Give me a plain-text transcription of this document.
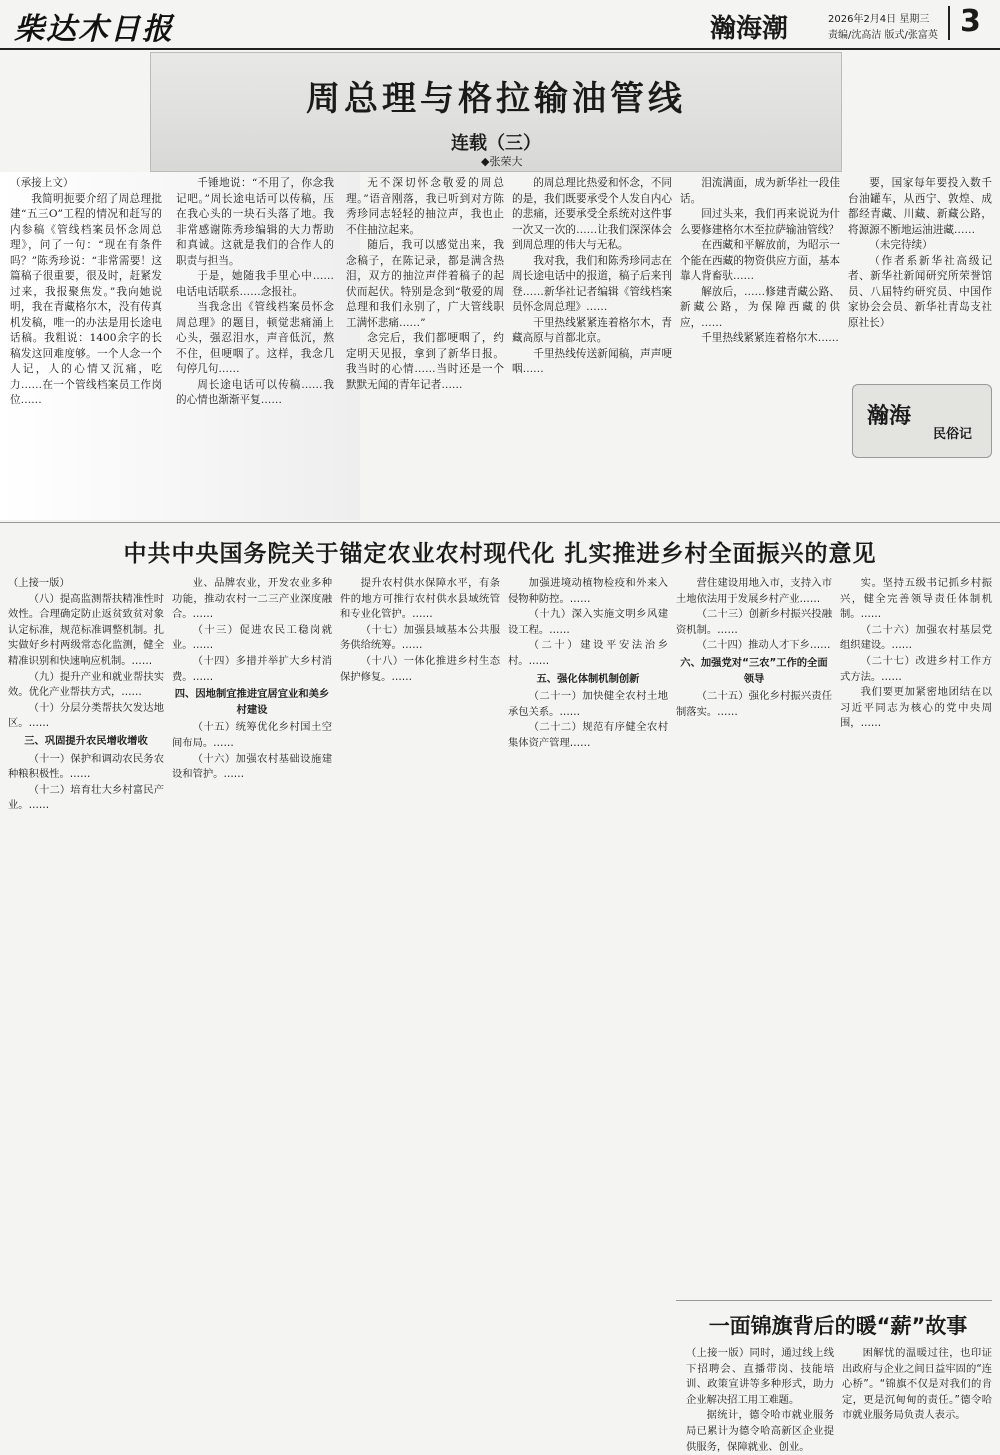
柴达木日报	瀚海潮	2026年2月4日 星期三
责编/沈高洁 版式/张富英 3
周总理与格拉输油管线
连载（三）
◆张荣大

（承接上文）

我简明扼要介绍了周总理批建“五三O”工程的情况和赶写的内参稿《管线档案员怀念周总理》，问了一句：“现在有条件吗？”陈秀珍说：“非常需要！这篇稿子很重要，很及时，赶紧发过来，我报聚焦发。”我向她说明，我在青藏格尔木，没有传真机发稿，唯一的办法是用长途电话稿。我粗说：1400余字的长稿发这回难度够。一个人念一个人记，人的心情又沉痛，吃力……在一个管线档案员工作岗位……

千锤地说：“不用了，你念我记吧。”周长途电话可以传稿，压在我心头的一块石头落了地。我非常感谢陈秀珍编辑的大力帮助和真诚。这就是我们的合作人的职责与担当。

于是，她随我手里心中……电话电话联系……念报社。

当我念出《管线档案员怀念周总理》的题目，顿觉悲痛涌上心头，强忍泪水，声音低沉，熬不住，但哽咽了。这样，我念几句停几句……

周长途电话可以传稿……我的心情也渐渐平复……

无不深切怀念敬爱的周总理。”语音刚落，我已听到对方陈秀珍同志轻轻的抽泣声，我也止不住抽泣起来。

随后，我可以感觉出来，我念稿子，在陈记录，都是满含热泪，双方的抽泣声伴着稿子的起伏而起伏。特别是念到“敬爱的周总理和我们永别了，广大管线职工满怀悲痛……”

念完后，我们都哽咽了，约定明天见报，拿到了新华日报。我当时的心情……当时还是一个默默无闻的青年记者……

的周总理比热爱和怀念，不同的是，我们既要承受个人发自内心的悲痛，还要承受全系统对这件事一次又一次的……让我们深深体会到周总理的伟大与无私。

我对我，我们和陈秀珍同志在周长途电话中的报道，稿子后来刊登……新华社记者编辑《管线档案员怀念周总理》……

干里热线紧紧连着格尔木，青藏高原与首都北京。

千里热线传送新闻稿，声声哽咽……

泪流满面，成为新华社一段佳话。

回过头来，我们再来说说为什么要修建格尔木至拉萨输油管线？

在西藏和平解放前，为昭示一个能在西藏的物资供应方面，基本靠人背畜驮……

解放后，……修建青藏公路、新藏公路，为保障西藏的供应，……

千里热线紧紧连着格尔木……

要，国家每年要投入数千台油罐车，从西宁、敦煌、成都经青藏、川藏、新藏公路，将源源不断地运油进藏……

（未完待续）

（作者系新华社高级记者、新华社新闻研究所荣誉馆员、八届特约研究员、中国作家协会会员、新华社青岛支社原社长）

瀚海
民俗记
中共中央国务院关于锚定农业农村现代化 扎实推进乡村全面振兴的意见

（上接一版）

（八）提高监测帮扶精准性时效性。合理确定防止返贫致贫对象认定标准，规范标准调整机制。扎实做好乡村两级常态化监测，健全精准识别和快速响应机制。……

（九）提升产业和就业帮扶实效。优化产业帮扶方式，……

（十）分层分类帮扶欠发达地区。……

三、巩固提升农民增收增收

（十一）保护和调动农民务农种粮积极性。……

（十二）培育壮大乡村富民产业。……

业、品牌农业，开发农业多种功能，推动农村一二三产业深度融合。……

（十三）促进农民工稳岗就业。……

（十四）多措并举扩大乡村消费。……

四、因地制宜推进宜居宜业和美乡村建设

（十五）统筹优化乡村国土空间布局。……

（十六）加强农村基础设施建设和管护。……

提升农村供水保障水平，有条件的地方可推行农村供水县域统管和专业化管护。……

（十七）加强县域基本公共服务供给统筹。……

（十八）一体化推进乡村生态保护修复。……

加强进境动植物检疫和外来入侵物种防控。……

（十九）深入实施文明乡风建设工程。……

（二十）建设平安法治乡村。……

五、强化体制机制创新

（二十一）加快健全农村土地承包关系。……

（二十二）规范有序健全农村集体资产管理……

营住建设用地入市，支持入市土地依法用于发展乡村产业……

（二十三）创新乡村振兴投融资机制。……

（二十四）推动人才下乡……

六、加强党对“三农”工作的全面领导

（二十五）强化乡村振兴责任制落实。……

实。坚持五级书记抓乡村振兴，健全完善领导责任体制机制。……

（二十六）加强农村基层党组织建设。……

（二十七）改进乡村工作方式方法。……

我们要更加紧密地团结在以习近平同志为核心的党中央周围，……

一面锦旗背后的暖“薪”故事

（上接一版）同时，通过线上线下招聘会、直播带岗、技能培训、政策宣讲等多种形式，助力企业解决招工用工难题。

据统计，德令哈市就业服务局已累计为德令哈高新区企业提供服务，保障就业、创业。

困解忧的温暖过往，也印证出政府与企业之间日益牢固的“连心桥”。“锦旗不仅是对我们的肯定，更是沉甸甸的责任。”德令哈市就业服务局负责人表示。
